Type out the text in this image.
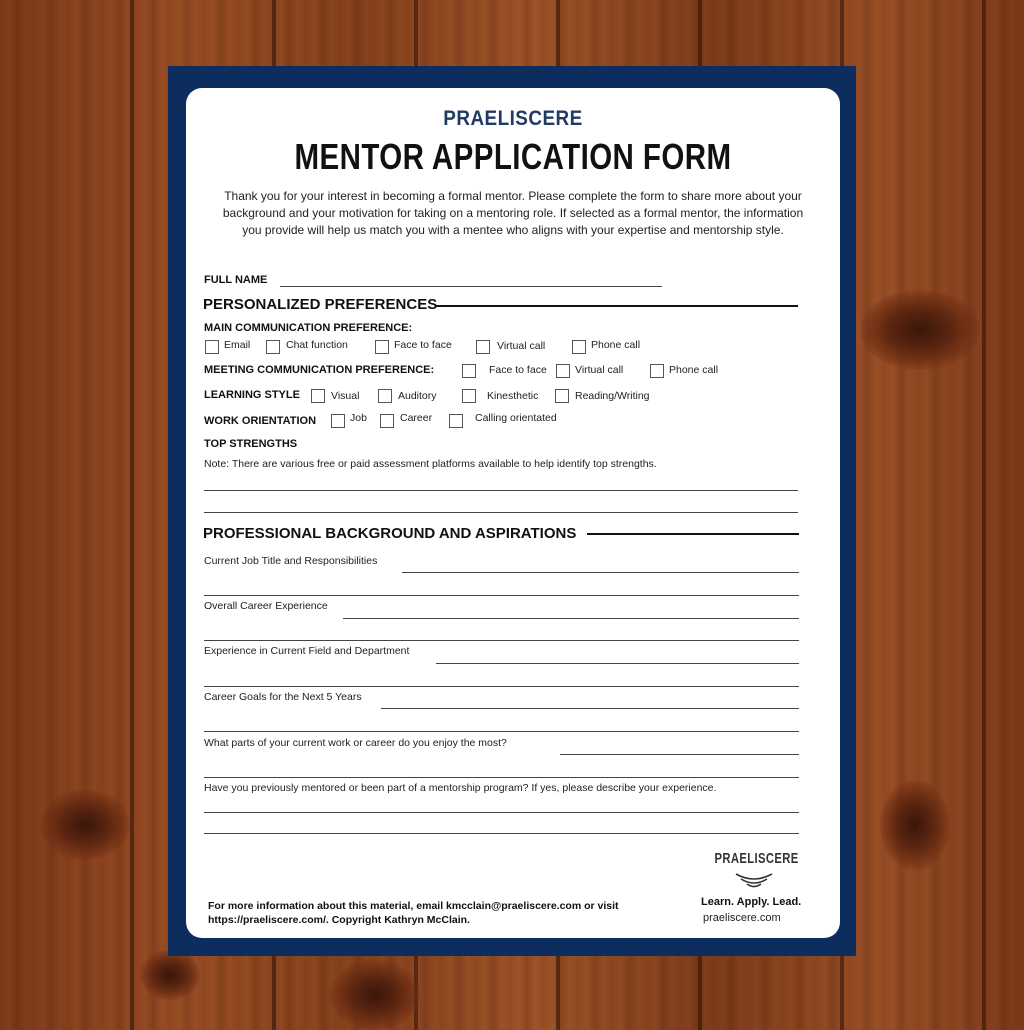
PRAELISCERE
MENTOR APPLICATION FORM
Thank you for your interest in becoming a formal mentor. Please complete the form to share more about your background and your motivation for taking on a mentoring role. If selected as a formal mentor, the information you provide will help us match you with a mentee who aligns with your expertise and mentorship style.
FULL NAME
PERSONALIZED PREFERENCES
MAIN COMMUNICATION PREFERENCE:
Email	Chat function	Face to face	Virtual call	Phone call
MEETING COMMUNICATION PREFERENCE:	Face to face	Virtual call	Phone call
LEARNING STYLE	Visual	Auditory	Kinesthetic	Reading/Writing
WORK ORIENTATION	Job	Career	Calling orientated
TOP STRENGTHS
Note: There are various free or paid assessment platforms available to help identify top strengths.
PROFESSIONAL BACKGROUND AND ASPIRATIONS
Current Job Title and Responsibilities
Overall Career Experience
Experience in Current Field and Department
Career Goals for the Next 5 Years
What parts of your current work or career do you enjoy the most?
Have you previously mentored or been part of a mentorship program? If yes, please describe your experience.
For more information about this material, email kmcclain@praeliscere.com or visit
https://praeliscere.com/. Copyright Kathryn McClain.
PRAELISCERE
Learn. Apply. Lead.
praeliscere.com
